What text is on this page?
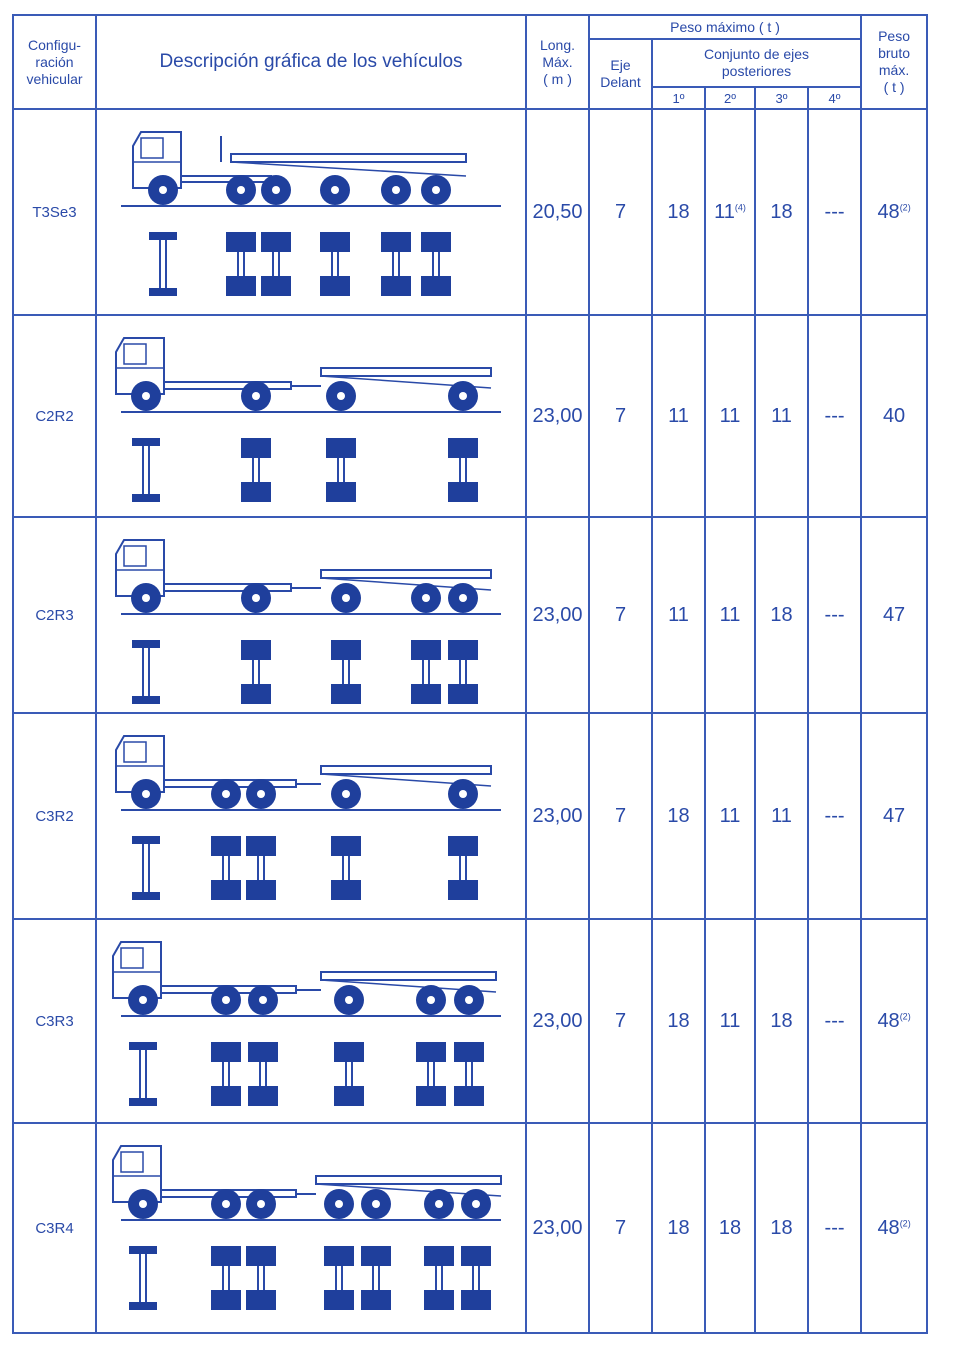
Configu-
ración
vehicular	Descripción gráfica de los vehículos	Long.
Máx.
( m )	Peso máximo ( t )					Peso
bruto
máx.
( t )
			Eje
Delant	Conjunto de ejes
posteriores				
				1º	2º	3º	4º	
T3Se3		20,50	7	18	11$^{(4)}$	18	---	48$^{(2)}$
C2R2		23,00	7	11	11	11	---	40
C2R3		23,00	7	11	11	18	---	47
C3R2		23,00	7	18	11	11	---	47
C3R3		23,00	7	18	11	18	---	48$^{(2)}$
C3R4		23,00	7	18	18	18	---	48$^{(2)}$
